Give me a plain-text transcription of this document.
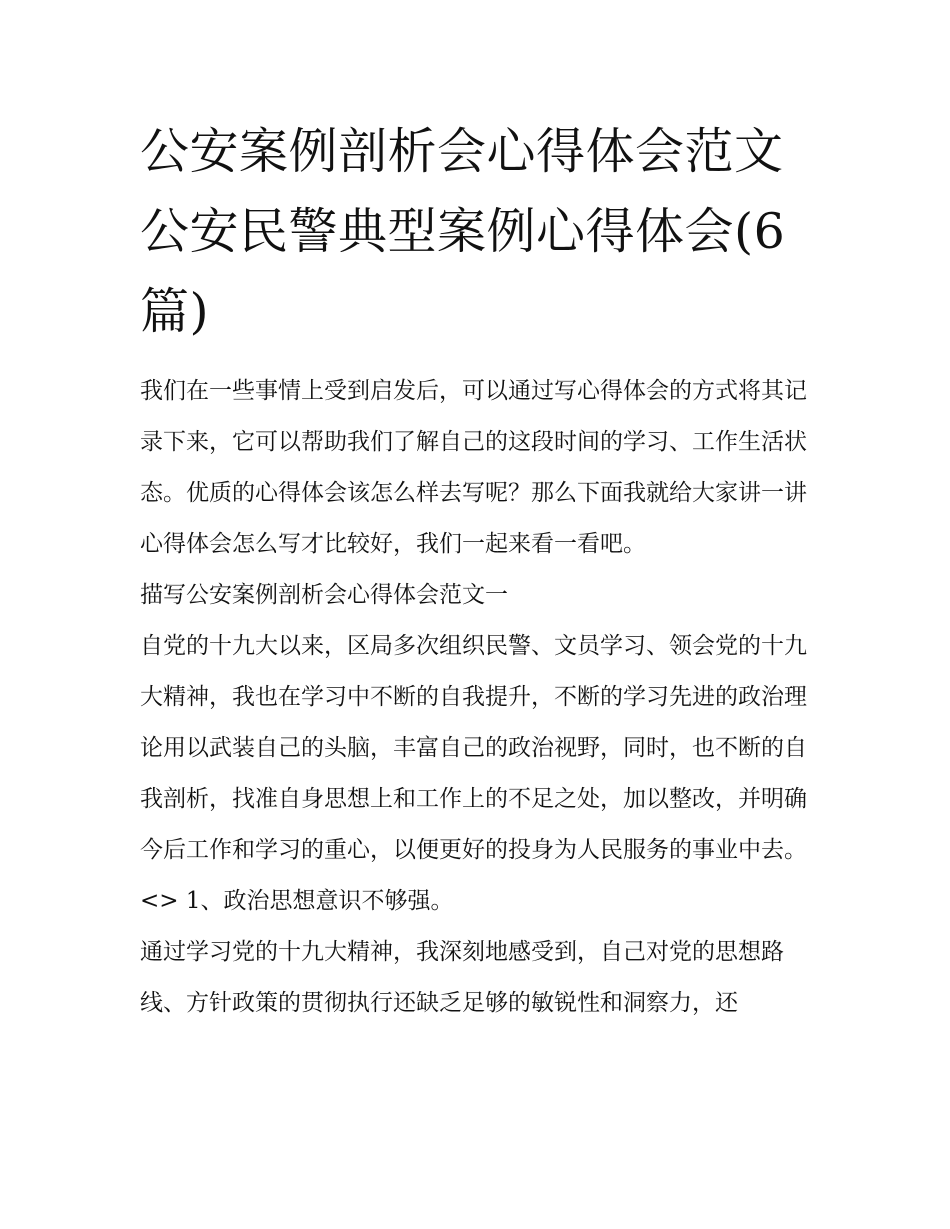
公安案例剖析会心得体会范文公安民警典型案例心得体会(6篇)

我们在一些事情上受到启发后，可以通过写心得体会的方式将其记录下来，它可以帮助我们了解自己的这段时间的学习、工作生活状态。优质的心得体会该怎么样去写呢？那么下面我就给大家讲一讲心得体会怎么写才比较好，我们一起来看一看吧。

描写公安案例剖析会心得体会范文一

自党的十九大以来，区局多次组织民警、文员学习、领会党的十九大精神，我也在学习中不断的自我提升，不断的学习先进的政治理论用以武装自己的头脑，丰富自己的政治视野，同时，也不断的自我剖析，找准自身思想上和工作上的不足之处，加以整改，并明确今后工作和学习的重心，以便更好的投身为人民服务的事业中去。

<> 1、政治思想意识不够强。

通过学习党的十九大精神，我深刻地感受到，自己对党的思想路线、方针政策的贯彻执行还缺乏足够的敏锐性和洞察力，还
